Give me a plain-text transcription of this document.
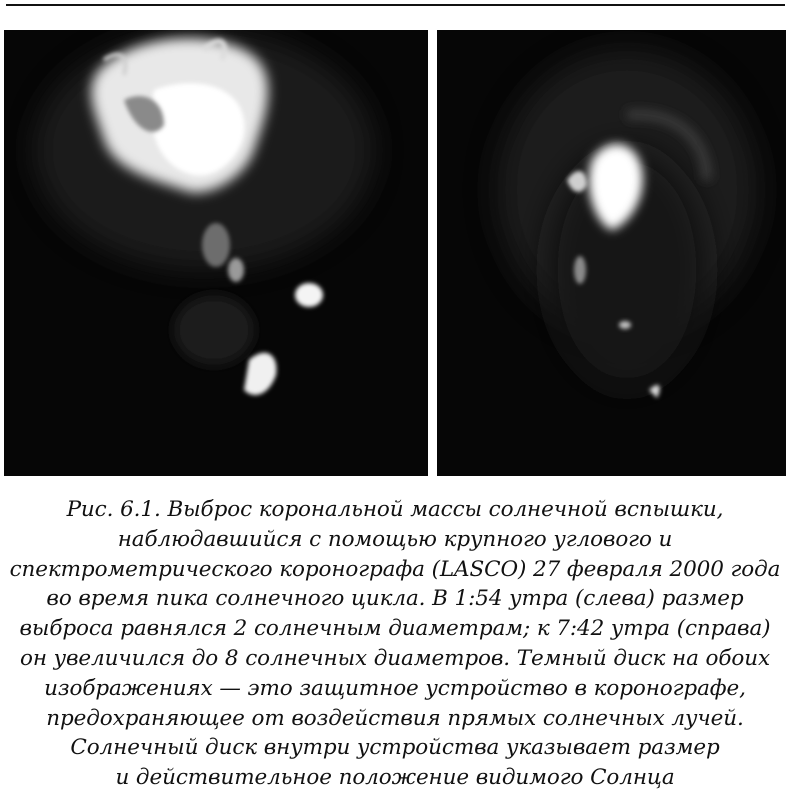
Рис. 6.1. Выброс корональной массы солнечной вспышки,
наблюдавшийся с помощью крупного углового и
спектрометрического коронографа (LASCO) 27 февраля 2000 года
во время пика солнечного цикла. В 1:54 утра (слева) размер
выброса равнялся 2 солнечным диаметрам; к 7:42 утра (справа)
он увеличился до 8 солнечных диаметров. Темный диск на обоих
изображениях — это защитное устройство в коронографе,
предохраняющее от воздействия прямых солнечных лучей.
Солнечный диск внутри устройства указывает размер
и действительное положение видимого Солнца
